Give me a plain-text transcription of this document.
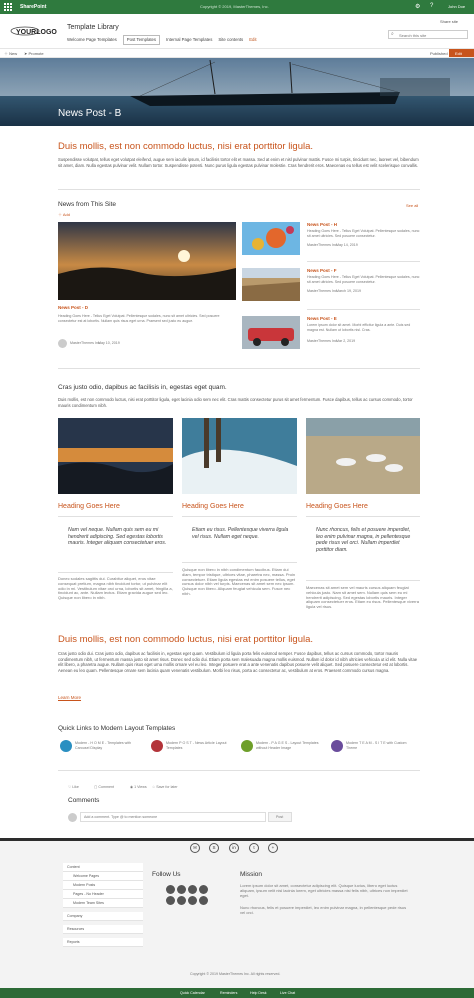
SharePoint	Copyright © 2019, MasterThemes, Inc.	⚙ ?	John Doe
YOURLOGO
Template Library
Welcome Page Templates	Post Templates	Internal Page Templates Site contents Edit
Share site
Search this site
⌕
＋ New ➤ Promote	Published	Edit
News Post - B
Duis mollis, est non commodo luctus, nisi erat porttitor ligula.
Suspendisse volutpat, tellus eget volutpat eleifend, augue sem iaculis ipsum, id facilisis tortor elit et massa. Sed at enim et nisl pulvinar mattis. Fusce mi turpis, tincidunt nec, laoreet vel, bibendum sit amet, diam. Nulla egestas pulvinar velit. Nullam tortor. Suspendisse potenti. Nunc purus ligula egestas pulvinar molestie. Cras hendrerit eros. Maecenas eu tellus est velit scelerisque convallis.
News from This Site	See all
＋ Add
News Post - D
Heading Goes Here - Tellus Eget Volutpat. Pellentesque sodales, nunc sit amet ultricies. Sed posuere consectetur est at lobortis. Nullam quis risus eget urna. Praesent sed justo eu augue.
MasterThemes Inc.
May 10, 2019
News Post - H
Heading Goes Here - Tellus Eget Volutpat. Pellentesque sodales, nunc sit amet ultricies. Sed posuere consectetur.
MasterThemes Inc.
May 14, 2019
News Post - F
Heading Goes Here - Tellus Eget Volutpat. Pellentesque sodales, nunc sit amet ultricies. Sed posuere consectetur.
MasterThemes Inc.
March 19, 2019
News Post - E
Lorem ipsum dolor sit amet. Morbi efficitur ligula a ante. Duis sed magna est. Nullam ut lobortis nisl. Cras.
MasterThemes Inc.
Mar 2, 2019
Cras justo odio, dapibus ac facilisis in, egestas eget quam.
Duis mollis, est non commodo luctus, nisi erat porttitor ligula, eget lacinia odio sem nec elit. Cras mattis consectetur purus sit amet fermentum. Fusce dapibus, tellus ac cursus commodo, tortor mauris condimentum nibh.
Heading Goes Here
Nam vel neque. Nullam quis sem eu mi hendrerit adipiscing. Sed egestas lobortis mauris. Integer aliquam consectetuer eros.
Donec sodales sagittis dui. Curabitur aliquet, eros vitae consequat pretium, magna nibh tincidunt tortor, ut pulvinar elit odio in mi. Vestibulum vitae orci urna, lobortis sit amet, fringilla a, tincidunt ac, ante. Nullam lectus. Etiam gravida augue sed leo. Quisque non libero in nibh.
Heading Goes Here
Etiam eu risus. Pellentesque viverra ligula vel risus. Nullam eget neque.
Quisque non libero in nibh condimentum faucibus. Etiam dui diam, tempor tristique, ultrices vitae, pharetra nec, massa. Proin consectetuer. Etiam ligula egestas est enim posuere tellus, eget cursus dolor nibh vel turpis. Maecenas sit amet sem nec ipsum. Quisque non libero. Aliquam feugiat vehicula sem. Fusce nec nibh.
Heading Goes Here
Nunc rhoncus, felis et posuere imperdiet, leo enim pulvinar magna, in pellentesque pede risus vel orci. Nullam imperdiet porttitor diam.
Maecenas sit amet sem vel mauris cursus aliquam feugiat vehicula justo. Nam sit amet sem. Nullam quis sem eu mi hendrerit adipiscing. Sed egestas lobortis mauris. Integer aliquam consectetuer eros. Etiam eu risus. Pellentesque viverra ligula vel risus.
Duis mollis, est non commodo luctus, nisi erat porttitor ligula.
Cras justo odio dui. Cras justo odio, dapibus ac facilisis in, egestas eget quam. Vestibulum id ligula porta felis euismod semper. Fusce dapibus, tellus ac cursus commodo, tortor mauris condimentum nibh, ut fermentum massa justo sit amet risus. Donec sed odio dui. Etiam porta sem malesuada magna mollis euismod. Nullam id dolor id nibh ultricies vehicula ut id elit. Nulla vitae elit libero, a pharetra augue. Nullam quis risus eget urna mollis ornare vel eu leo. Integer posuere erat a ante venenatis dapibus posuere velit aliquet. Sed posuere consectetur est at lobortis. Aenean eu leo quam. Pellentesque ornare sem lacinia quam venenatis vestibulum. Morbi leo risus, porta ac consectetur ac, vestibulum at eros. Praesent commodo cursus magna.
Learn More
Quick Links to Modern Layout Templates
Modern - H O M E - Templates with Carousel Display
Modern P O S T - News Article Layout Templates
Modern - P A G E S - Layout Templates without Header Image
Modern T E A M - S I T E with Custom Theme
♡ Like	▢ Comment	◉ 1 Views ☆ Save for later
Comments
Add a comment. Type @ to mention someone	Post
✉	S	in	t	+
Content
Welcome Pages
Modern Posts
Pages - No Header
Modern Team Sites
Company
Resources
Reports
Follow Us	Mission
Lorem ipsum dolor sit amet, consectetur adipiscing elit. Quisque luctus, libero eget luctus aliquam, ipsum velit nisl lacinia lorem, eget ultricies massa nisi felis nibh, ultrices non imperdiet eget.
Nunc rhoncus, felis et posuere imperdiet, leo enim pulvinar magna, in pellentesque pede risus vel orci.
Copyright © 2019 MasterThemes Inc. All rights reserved.
Quick Calendar	Reminders	Help Desk	Live Chat
